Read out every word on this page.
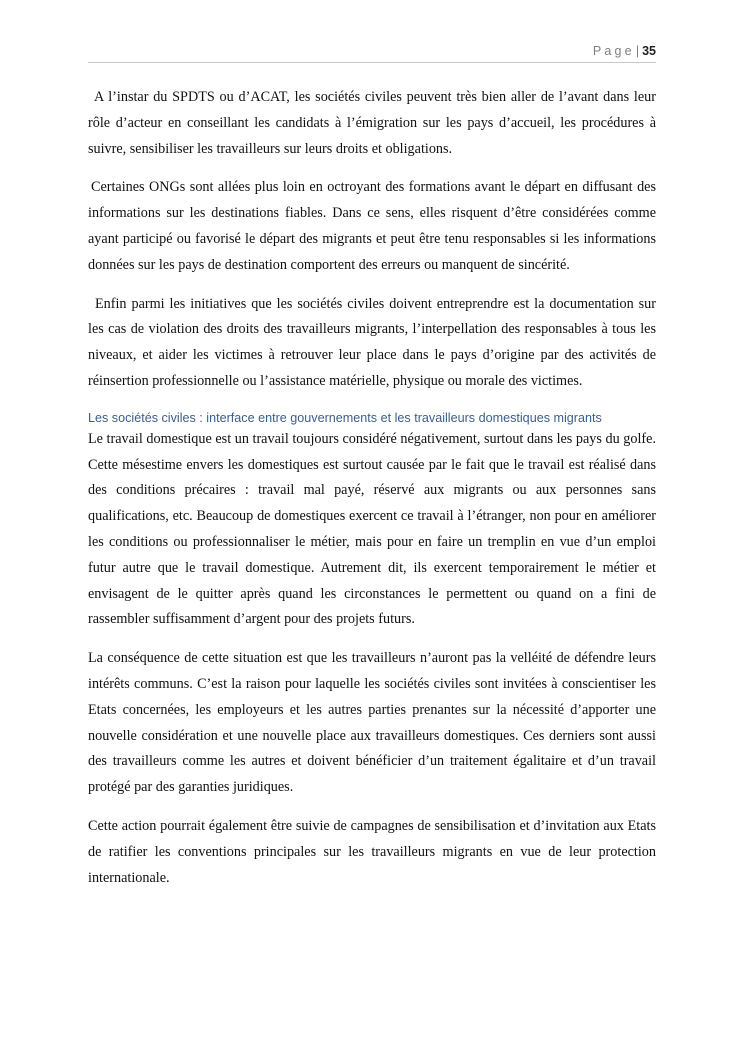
Page| 35

A l’instar du SPDTS ou d’ACAT, les sociétés civiles peuvent très bien aller de l’avant dans leur rôle d’acteur en conseillant les candidats à l’émigration sur les pays d’accueil, les procédures à suivre, sensibiliser les travailleurs sur leurs droits et obligations.

Certaines ONGs sont allées plus loin en octroyant des formations avant le départ en diffusant des informations sur les destinations fiables. Dans ce sens, elles risquent d’être considérées comme ayant participé ou favorisé le départ des migrants et peut être tenu responsables si les informations données sur les pays de destination comportent des erreurs ou manquent de sincérité.

Enfin parmi les initiatives que les sociétés civiles doivent entreprendre est la documentation sur les cas de violation des droits des travailleurs migrants, l’interpellation des responsables à tous les niveaux, et aider les victimes à retrouver leur place dans le pays d’origine par des activités de réinsertion professionnelle ou l’assistance matérielle, physique ou morale des victimes.

Les sociétés civiles : interface entre gouvernements et les travailleurs domestiques migrants

Le travail domestique est un travail toujours considéré négativement, surtout dans les pays du golfe. Cette mésestime envers les domestiques est surtout causée par le fait que le travail est réalisé dans des conditions précaires : travail mal payé, réservé aux migrants ou aux personnes sans qualifications, etc. Beaucoup de domestiques exercent ce travail à l’étranger, non pour en améliorer les conditions ou professionnaliser le métier, mais pour en faire un tremplin en vue d’un emploi futur autre que le travail domestique. Autrement dit, ils exercent temporairement le métier et envisagent de le quitter après quand les circonstances le permettent ou quand on a fini de rassembler suffisamment d’argent pour des projets futurs.

La conséquence de cette situation est que les travailleurs n’auront pas la velléité de défendre leurs intérêts communs. C’est la raison pour laquelle les sociétés civiles sont invitées à conscientiser les Etats concernées, les employeurs et les autres parties prenantes sur la nécessité d’apporter une nouvelle considération et une nouvelle place aux travailleurs domestiques. Ces derniers sont aussi des travailleurs comme les autres et doivent bénéficier d’un traitement égalitaire et d’un travail protégé par des garanties juridiques.

Cette action pourrait également être suivie de campagnes de sensibilisation et d’invitation aux Etats de ratifier les conventions principales sur les travailleurs migrants en vue de leur protection internationale.
